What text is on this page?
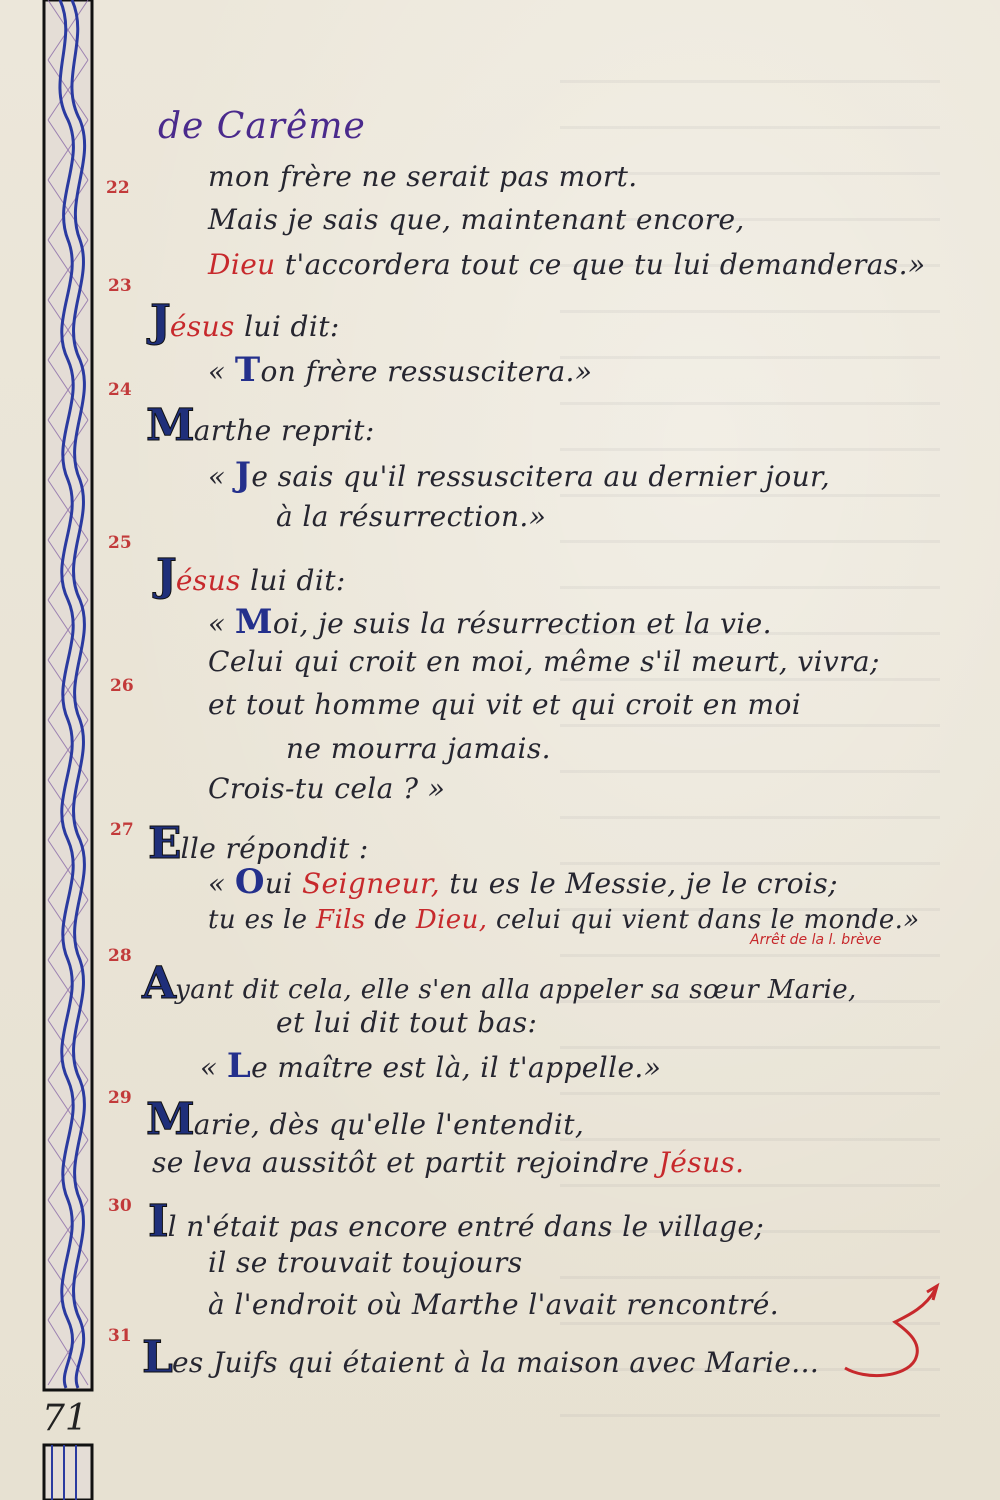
71
de Carême
22
23
24
25
26
27
28
29
30
31
mon frère ne serait pas mort.
Mais je sais que, maintenant encore,
Dieu t'accordera tout ce que tu lui demanderas.»
Jésus lui dit:
« Ton frère ressuscitera.»
Marthe reprit:
« Je sais qu'il ressuscitera au dernier jour,
à la résurrection.»
Jésus lui dit:
« Moi, je suis la résurrection et la vie.
Celui qui croit en moi, même s'il meurt, vivra;
et tout homme qui vit et qui croit en moi
ne mourra jamais.
Crois-tu cela ? »
Elle répondit :
« Oui Seigneur, tu es le Messie, je le crois;
tu es le Fils de Dieu, celui qui vient dans le monde.»
Arrêt de la l. brève
Ayant dit cela, elle s'en alla appeler sa sœur Marie,
et lui dit tout bas:
« Le maître est là, il t'appelle.»
Marie, dès qu'elle l'entendit,
se leva aussitôt et partit rejoindre Jésus.
Il n'était pas encore entré dans le village;
il se trouvait toujours
à l'endroit où Marthe l'avait rencontré.
Les Juifs qui étaient à la maison avec Marie...
